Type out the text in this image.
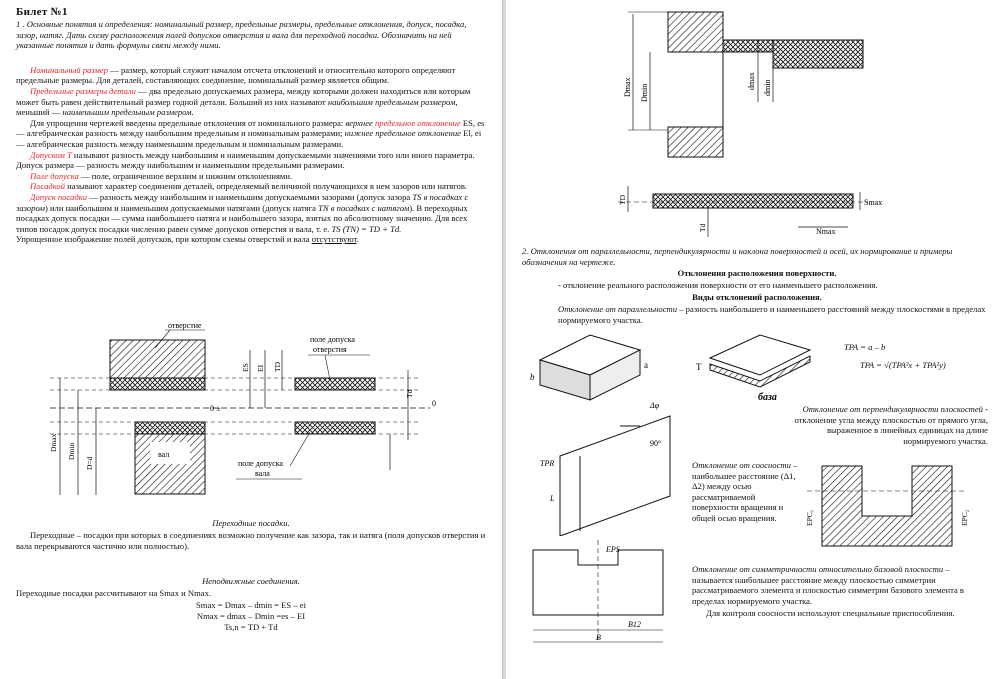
Билет №1

1 . Основные понятия и определения: номинальный размер, предельные размеры, предельные отклонения, допуск, посадка, зазор, натяг. Дать схему расположения полей допусков отверстия и вала для переходной посадки. Обозначить на ней указанные понятия и дать формулы связи между ними.

Номинальный размер — размер, который служит началом отсчета отклонений и относительно которого определяют предельные размеры. Для деталей, составляющих соединение, номинальный размер является общим.

Предельные размеры детали — два предельно допускаемых размера, между которыми должен находиться или которым может быть равен действительный размер годной детали. Больший из них называют наибольшим предельным размером, меньший — наименьшим предельным размером.

Для упрощения чертежей введены предельные отклонения от номинального размера: верхнее предельное отклонение ES, es — алгебраическая разность между наибольшим предельным и номинальным размерами; нижнее предельное отклонение El, ei — алгебраическая разность между наименьшим предельным и номинальным размерами.

Допуском Т называют разность между наибольшим и наименьшим допускаемыми значениями того или иного параметра. Допуск размера — разность между наибольшим и наименьшим предельными размерами.

Поле допуска — поле, ограниченное верхним и нижним отклонениями.

Посадкой называют характер соединения деталей, определяемый величиной получающихся в нем зазоров или натягов.

Допуск посадки — разность между наибольшим и наименьшим допускаемыми зазорами (допуск зазора TS в посадках с зазором) или наибольшим и наименьшим допускаемыми натягами (допуск натяга TN в посадках с натягом). В переходных посадках допуск посадки — сумма наибольшего натяга и наибольшего зазора, взятых по абсолютному значению. Для всех типов посадок допуск посадки численно равен сумме допусков отверстия и вала, т. е. TS (TN) = TD + Td.

Упрощенное изображение полей допусков, при котором схемы отверстий и вала отсутствуют.

вал
0 ±
0
Dmax Dmin
D=d
ES EI TD
Td
отверстие
поле допуска
отверстия
поле допуска
вала

Переходные посадки.

Переходные – посадки при которых в соединениях возможно получение как зазора, так и натяга (поля допусков отверстия и вала перекрываются частично или полностью).

Неподвижные соединения.

Переходные посадки рассчитывают на Smax и Nmax.

Smax = Dmax – dmin = ES – ei

Nmax = dmax – Dmin =es – EI

Ts,n = TD + Td

Dmax Dmin
dmax dmin
TD
Td
Smax
Nmax

2. Отклонения от параллельности, перпендикулярности и наклона поверхностей и осей, их нормирование и примеры обозначения на чертеже.

Отклонения расположения поверхности.

- отклонение реального расположения поверхности от его наименьшего расположения.

Виды отклонений расположения.

Отклонение от параллельности – разность наибольшего и наименьшего расстояний между плоскостями в пределах нормируемого участка.

TPA = a – b

TPA = √(TPA²x + TPA²y)

b
a	T
база

Отклонение от перпендикулярности плоскостей - отклонение угла между плоскостью от прямого угла, выраженное в линейных единицах на длине нормируемого участка.

TPR
Δφ
90°
L

Отклонение от соосности – наибольшее расстояние (Δ1, Δ2) между осью рассматриваемой поверхности вращения и общей осью вращения.	EPC₁	EPC₂
EPS
B12
B

Отклонение от симметричности относительно базовой плоскости – называется наибольшее расстояние между плоскостью симметрии рассматриваемого элемента и плоскостью симметрии базового элемента в пределах нормируемого участка.

Для контроля соосности используют специальные приспособления.
